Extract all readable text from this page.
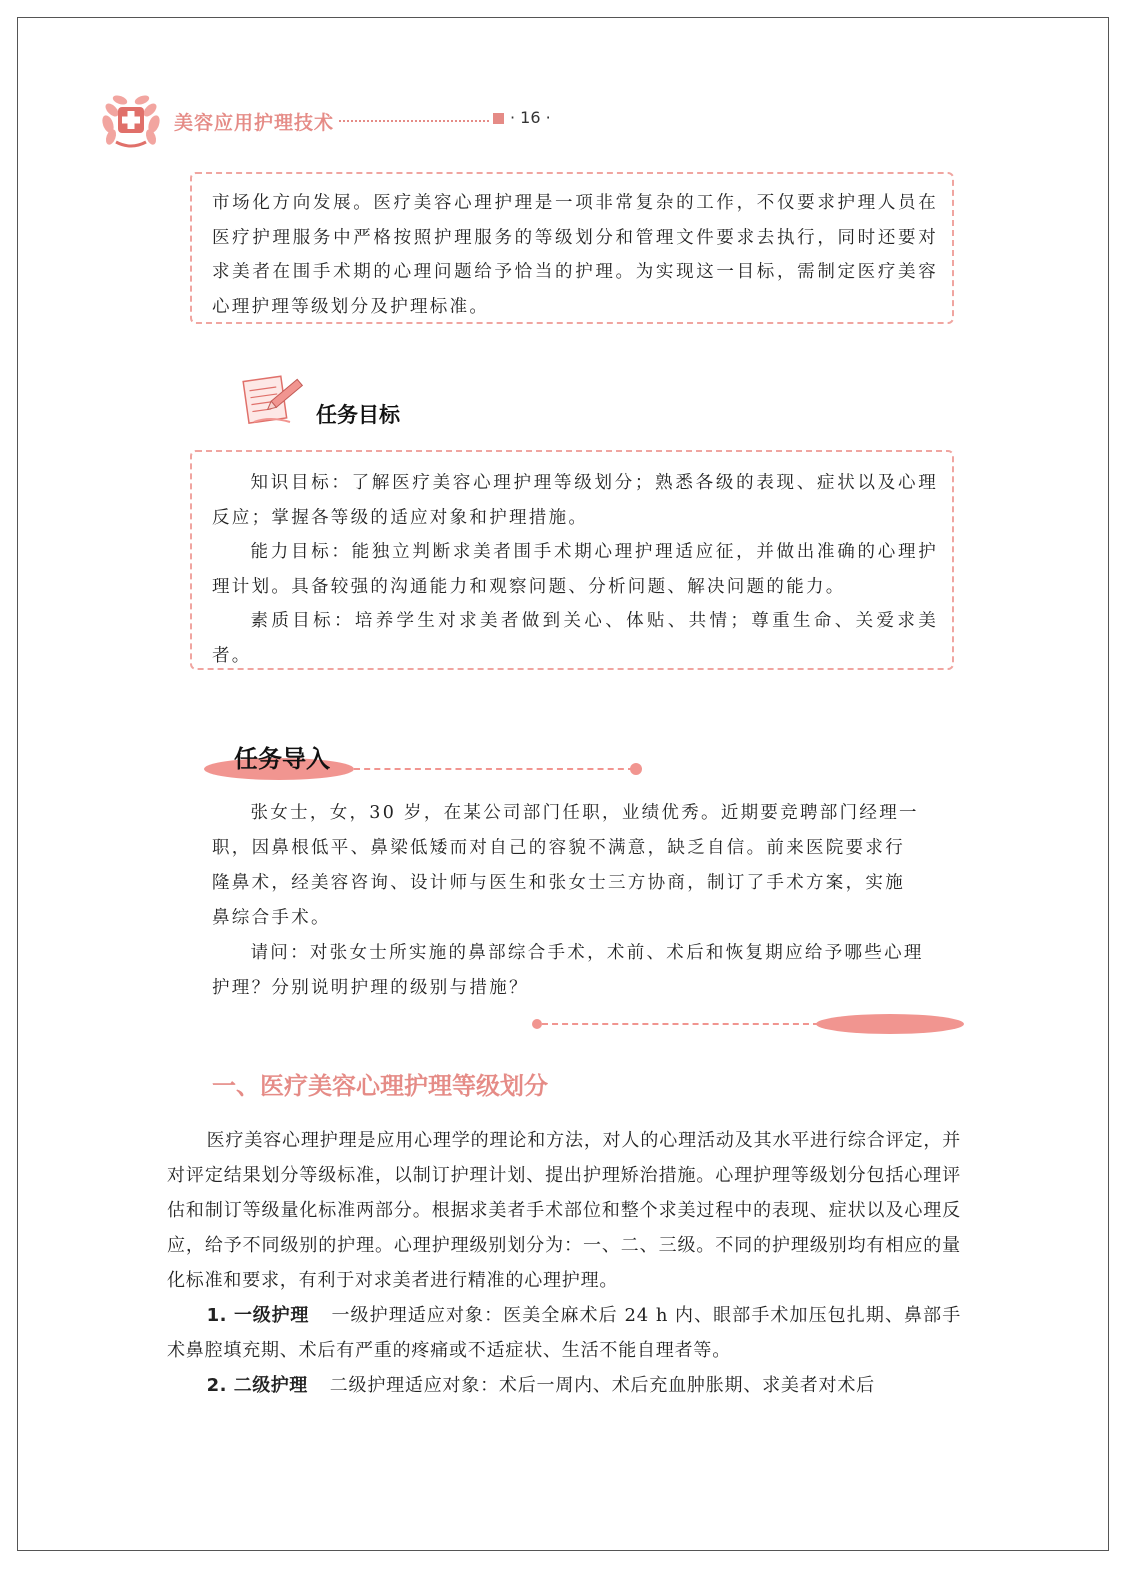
美容应用护理技术	· 16 ·

市场化方向发展。医疗美容心理护理是一项非常复杂的工作，不仅要求护理人员在医疗护理服务中严格按照护理服务的等级划分和管理文件要求去执行，同时还要对求美者在围手术期的心理问题给予恰当的护理。为实现这一目标，需制定医疗美容心理护理等级划分及护理标准。

任务目标

知识目标：了解医疗美容心理护理等级划分；熟悉各级的表现、症状以及心理反应；掌握各等级的适应对象和护理措施。

能力目标：能独立判断求美者围手术期心理护理适应征，并做出准确的心理护理计划。具备较强的沟通能力和观察问题、分析问题、解决问题的能力。

素质目标：培养学生对求美者做到关心、体贴、共情；尊重生命、关爱求美者。

任务导入

张女士，女，30 岁，在某公司部门任职，业绩优秀。近期要竞聘部门经理一职，因鼻根低平、鼻梁低矮而对自己的容貌不满意，缺乏自信。前来医院要求行隆鼻术，经美容咨询、设计师与医生和张女士三方协商，制订了手术方案，实施鼻综合手术。

请问：对张女士所实施的鼻部综合手术，术前、术后和恢复期应给予哪些心理护理？分别说明护理的级别与措施？

一、医疗美容心理护理等级划分

医疗美容心理护理是应用心理学的理论和方法，对人的心理活动及其水平进行综合评定，并对评定结果划分等级标准，以制订护理计划、提出护理矫治措施。心理护理等级划分包括心理评估和制订等级量化标准两部分。根据求美者手术部位和整个求美过程中的表现、症状以及心理反应，给予不同级别的护理。心理护理级别划分为：一、二、三级。不同的护理级别均有相应的量化标准和要求，有利于对求美者进行精准的心理护理。

1. 一级护理 一级护理适应对象：医美全麻术后 24 h 内、眼部手术加压包扎期、鼻部手术鼻腔填充期、术后有严重的疼痛或不适症状、生活不能自理者等。

2. 二级护理 二级护理适应对象：术后一周内、术后充血肿胀期、求美者对术后
